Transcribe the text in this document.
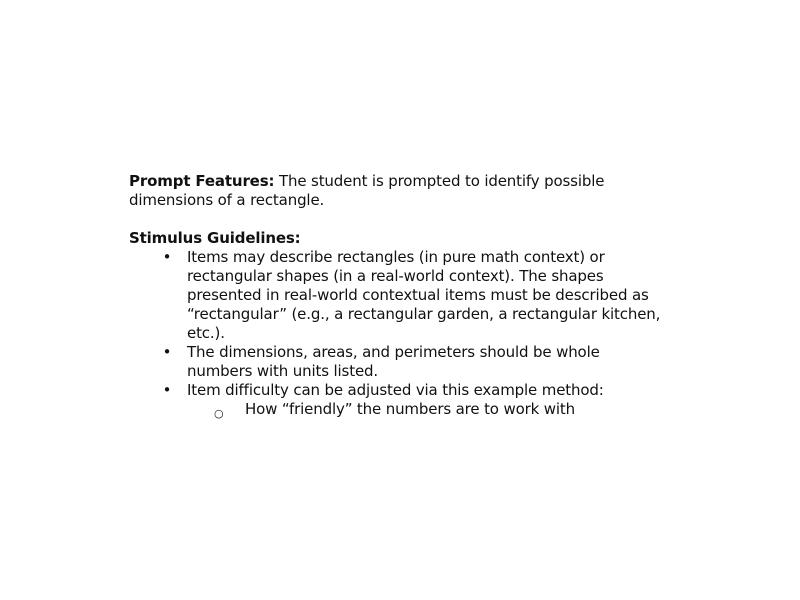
Prompt Features: The student is prompted to identify possible dimensions of a rectangle.

Stimulus Guidelines:

•	Items may describe rectangles (in pure math context) or rectangular shapes (in a real-world context). The shapes presented in real-world contextual items must be described as “rectangular” (e.g., a rectangular garden, a rectangular kitchen, etc.).
•	The dimensions, areas, and perimeters should be whole numbers with units listed.
•	Item difficulty can be adjusted via this example method:
○ How “friendly” the numbers are to work with
